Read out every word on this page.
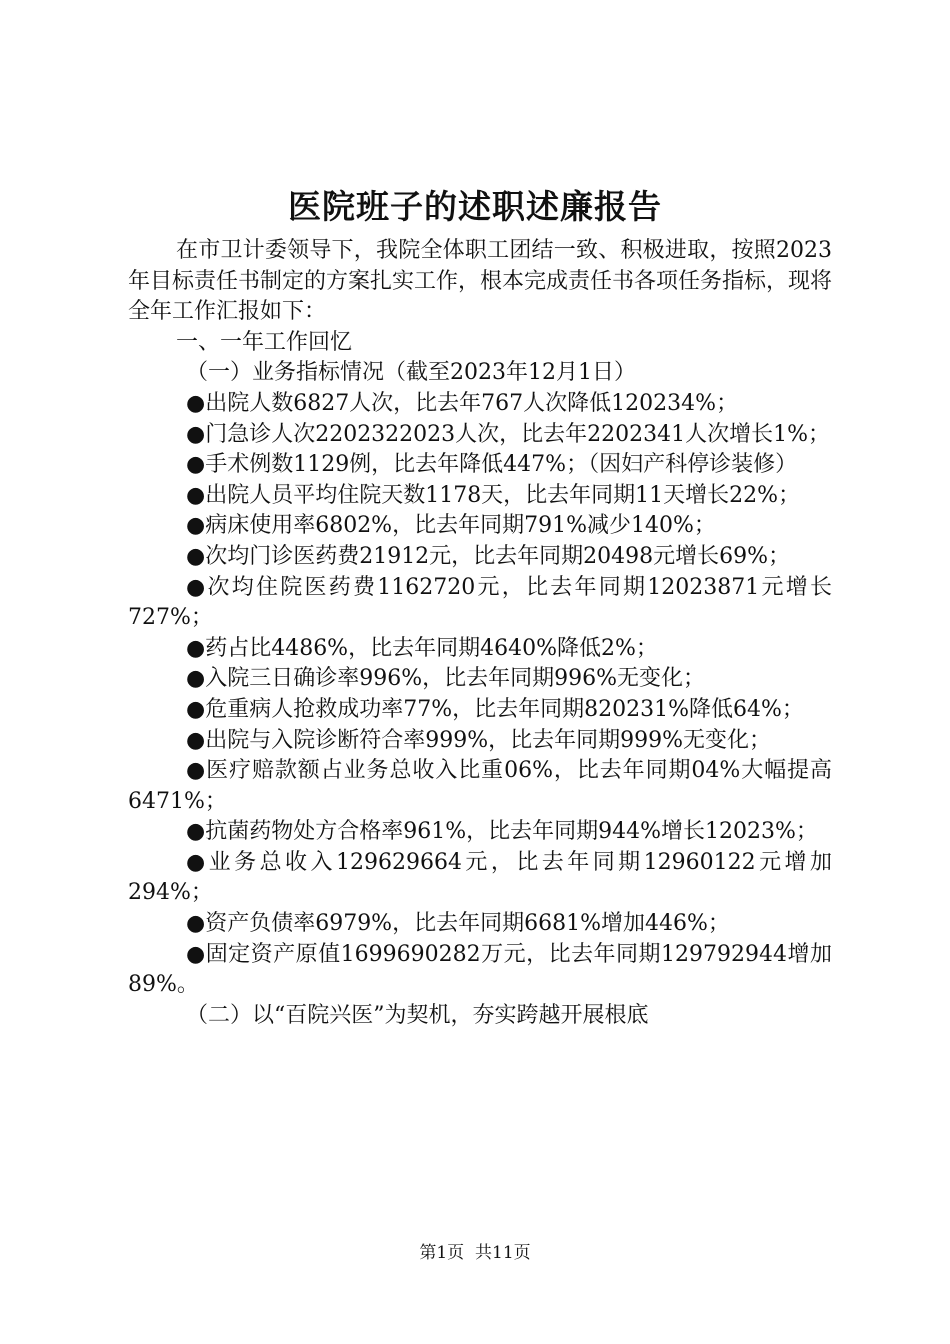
医院班子的述职述廉报告

在市卫计委领导下，我院全体职工团结一致、积极进取，按照2023年目标责任书制定的方案扎实工作，根本完成责任书各项任务指标，现将全年工作汇报如下：

一、一年工作回忆

（一）业务指标情况（截至2023年12月1日）

●出院人数6827人次，比去年767人次降低120234%；

●门急诊人次2202322023人次，比去年2202341人次增长1%；

●手术例数1129例，比去年降低447%；（因妇产科停诊装修）

●出院人员平均住院天数1178天，比去年同期11天增长22%；

●病床使用率6802%，比去年同期791%减少140%；

●次均门诊医药费21912元，比去年同期20498元增长69%；

●次均住院医药费1162720元，比去年同期12023871元增长727%；

●药占比4486%，比去年同期4640%降低2%；

●入院三日确诊率996%，比去年同期996%无变化；

●危重病人抢救成功率77%，比去年同期820231%降低64%；

●出院与入院诊断符合率999%，比去年同期999%无变化；

●医疗赔款额占业务总收入比重06%，比去年同期04%大幅提高6471%；

●抗菌药物处方合格率961%，比去年同期944%增长12023%；

●业务总收入129629664元，比去年同期12960122元增加294%；

●资产负债率6979%，比去年同期6681%增加446%；

●固定资产原值1699690282万元，比去年同期129792944增加89%。

（二）以“百院兴医”为契机，夯实跨越开展根底

第1页 共11页
